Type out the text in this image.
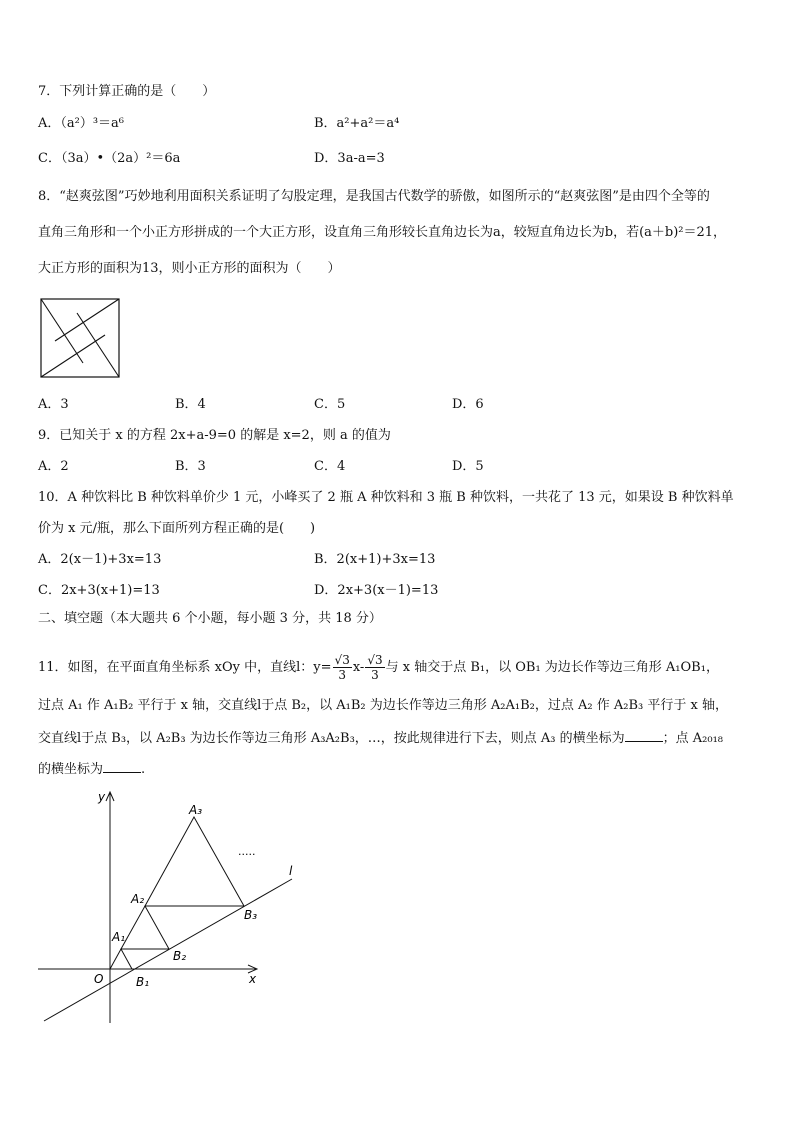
7．下列计算正确的是（　　）
A．（a²）³＝a⁶	B．a²+a²＝a⁴
C．（3a）•（2a）²＝6a	D．3a-a=3
8．“赵爽弦图”巧妙地利用面积关系证明了勾股定理，是我国古代数学的骄傲，如图所示的“赵爽弦图”是由四个全等的
直角三角形和一个小正方形拼成的一个大正方形，设直角三角形较长直角边长为a，较短直角边长为b，若(a＋b)²＝21，
大正方形的面积为13，则小正方形的面积为（　　）
A．3	B．4	C．5	D．6
9．已知关于 x 的方程 2x+a-9=0 的解是 x=2，则 a 的值为
A．2	B．3	C．4	D．5
10．A 种饮料比 B 种饮料单价少 1 元，小峰买了 2 瓶 A 种饮料和 3 瓶 B 种饮料，一共花了 13 元，如果设 B 种饮料单
价为 x 元/瓶，那么下面所列方程正确的是(　　)
A．2(x－1)+3x=13	B．2(x+1)+3x=13
C．2x+3(x+1)=13	D．2x+3(x－1)=13
二、填空题（本大题共 6 个小题，每小题 3 分，共 18 分）
11．如图，在平面直角坐标系 xOy 中，直线l：$y= \frac{√3}{3} x- \frac{√3}{3}$ 与 x 轴交于点 B₁，以 OB₁ 为边长作等边三角形 A₁OB₁，
过点 A₁ 作 A₁B₂ 平行于 x 轴，交直线l于点 B₂，以 A₁B₂ 为边长作等边三角形 A₂A₁B₂，过点 A₂ 作 A₂B₃ 平行于 x 轴，
交直线l于点 B₃，以 A₂B₃ 为边长作等边三角形 A₃A₂B₃，…，按此规律进行下去，则点 A₃ 的横坐标为	；点 A₂₀₁₈
的横坐标为	.
y
x
O
l
A₁
A₂
A₃
B₁
B₂
B₃
.....
